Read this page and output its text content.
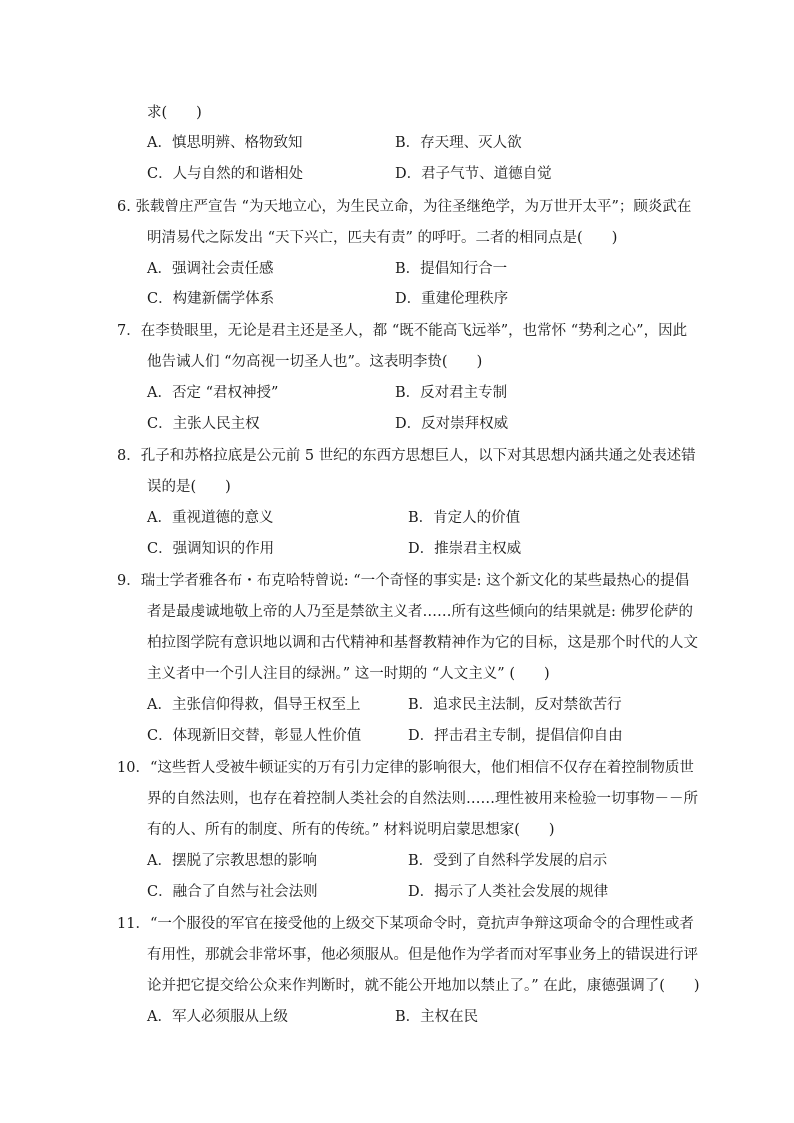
求(　　)
A．慎思明辨、格物致知	B．存天理、灭人欲
C．人与自然的和谐相处	D．君子气节、道德自觉
6. 张载曾庄严宣告 “为天地立心，为生民立命，为往圣继绝学，为万世开太平”；顾炎武在
明清易代之际发出 “天下兴亡，匹夫有责” 的呼吁。二者的相同点是(　　)
A．强调社会责任感	B．提倡知行合一
C．构建新儒学体系	D．重建伦理秩序
7．在李贽眼里，无论是君主还是圣人，都 “既不能高飞远举”，也常怀 “势利之心”，因此
他告诫人们 “勿高视一切圣人也”。这表明李贽(　　)
A．否定 “君权神授”	B．反对君主专制
C．主张人民主权	D．反对崇拜权威
8．孔子和苏格拉底是公元前 5 世纪的东西方思想巨人，以下对其思想内涵共通之处表述错
误的是(　　)
A．重视道德的意义	B．肯定人的价值
C．强调知识的作用	D．推崇君主权威
9．瑞士学者雅各布・布克哈特曾说: “一个奇怪的事实是: 这个新文化的某些最热心的提倡
者是最虔诚地敬上帝的人乃至是禁欲主义者……所有这些倾向的结果就是: 佛罗伦萨的
柏拉图学院有意识地以调和古代精神和基督教精神作为它的目标，这是那个时代的人文
主义者中一个引人注目的绿洲。” 这一时期的 “人文主义” (　　)
A．主张信仰得救，倡导王权至上	B．追求民主法制，反对禁欲苦行
C．体现新旧交替，彰显人性价值	D．抨击君主专制，提倡信仰自由
10．“这些哲人受被牛顿证实的万有引力定律的影响很大，他们相信不仅存在着控制物质世
界的自然法则，也存在着控制人类社会的自然法则……理性被用来检验一切事物－－所
有的人、所有的制度、所有的传统。” 材料说明启蒙思想家(　　)
A．摆脱了宗教思想的影响	B．受到了自然科学发展的启示
C．融合了自然与社会法则	D．揭示了人类社会发展的规律
11．“一个服役的军官在接受他的上级交下某项命令时，竟抗声争辩这项命令的合理性或者
有用性，那就会非常坏事，他必须服从。但是他作为学者而对军事业务上的错误进行评
论并把它提交给公众来作判断时，就不能公开地加以禁止了。” 在此，康德强调了(　　)
A．军人必须服从上级	B．主权在民
